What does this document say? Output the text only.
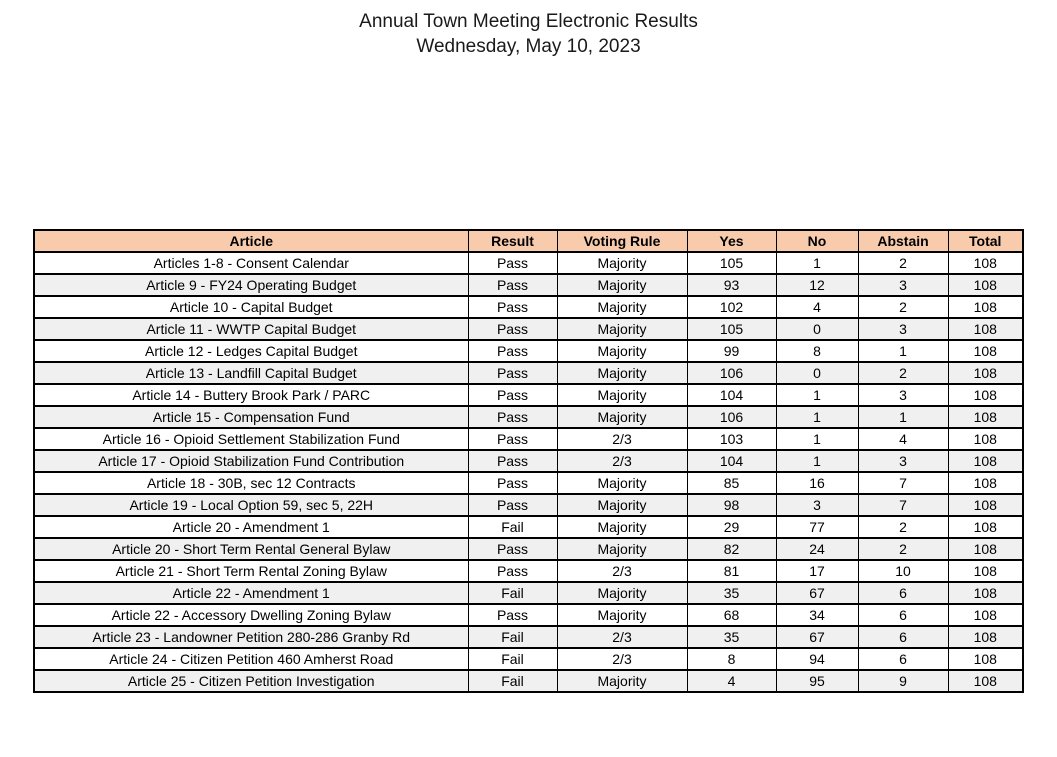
Annual Town Meeting Electronic Results
Wednesday, May 10, 2023
Article	Result	Voting Rule	Yes	No	Abstain	Total
Articles 1-8 - Consent Calendar	Pass	Majority	105	1	2	108
Article 9 - FY24 Operating Budget	Pass	Majority	93	12	3	108
Article 10 - Capital Budget	Pass	Majority	102	4	2	108
Article 11 - WWTP Capital Budget	Pass	Majority	105	0	3	108
Article 12 - Ledges Capital Budget	Pass	Majority	99	8	1	108
Article 13 - Landfill Capital Budget	Pass	Majority	106	0	2	108
Article 14 - Buttery Brook Park / PARC	Pass	Majority	104	1	3	108
Article 15 - Compensation Fund	Pass	Majority	106	1	1	108
Article 16 - Opioid Settlement Stabilization Fund	Pass	2/3	103	1	4	108
Article 17 - Opioid Stabilization Fund Contribution	Pass	2/3	104	1	3	108
Article 18 - 30B, sec 12 Contracts	Pass	Majority	85	16	7	108
Article 19 - Local Option 59, sec 5, 22H	Pass	Majority	98	3	7	108
Article 20 - Amendment 1	Fail	Majority	29	77	2	108
Article 20 - Short Term Rental General Bylaw	Pass	Majority	82	24	2	108
Article 21 - Short Term Rental Zoning Bylaw	Pass	2/3	81	17	10	108
Article 22 - Amendment 1	Fail	Majority	35	67	6	108
Article 22 - Accessory Dwelling Zoning Bylaw	Pass	Majority	68	34	6	108
Article 23 - Landowner Petition 280-286 Granby Rd	Fail	2/3	35	67	6	108
Article 24 - Citizen Petition 460 Amherst Road	Fail	2/3	8	94	6	108
Article 25 - Citizen Petition Investigation	Fail	Majority	4	95	9	108
